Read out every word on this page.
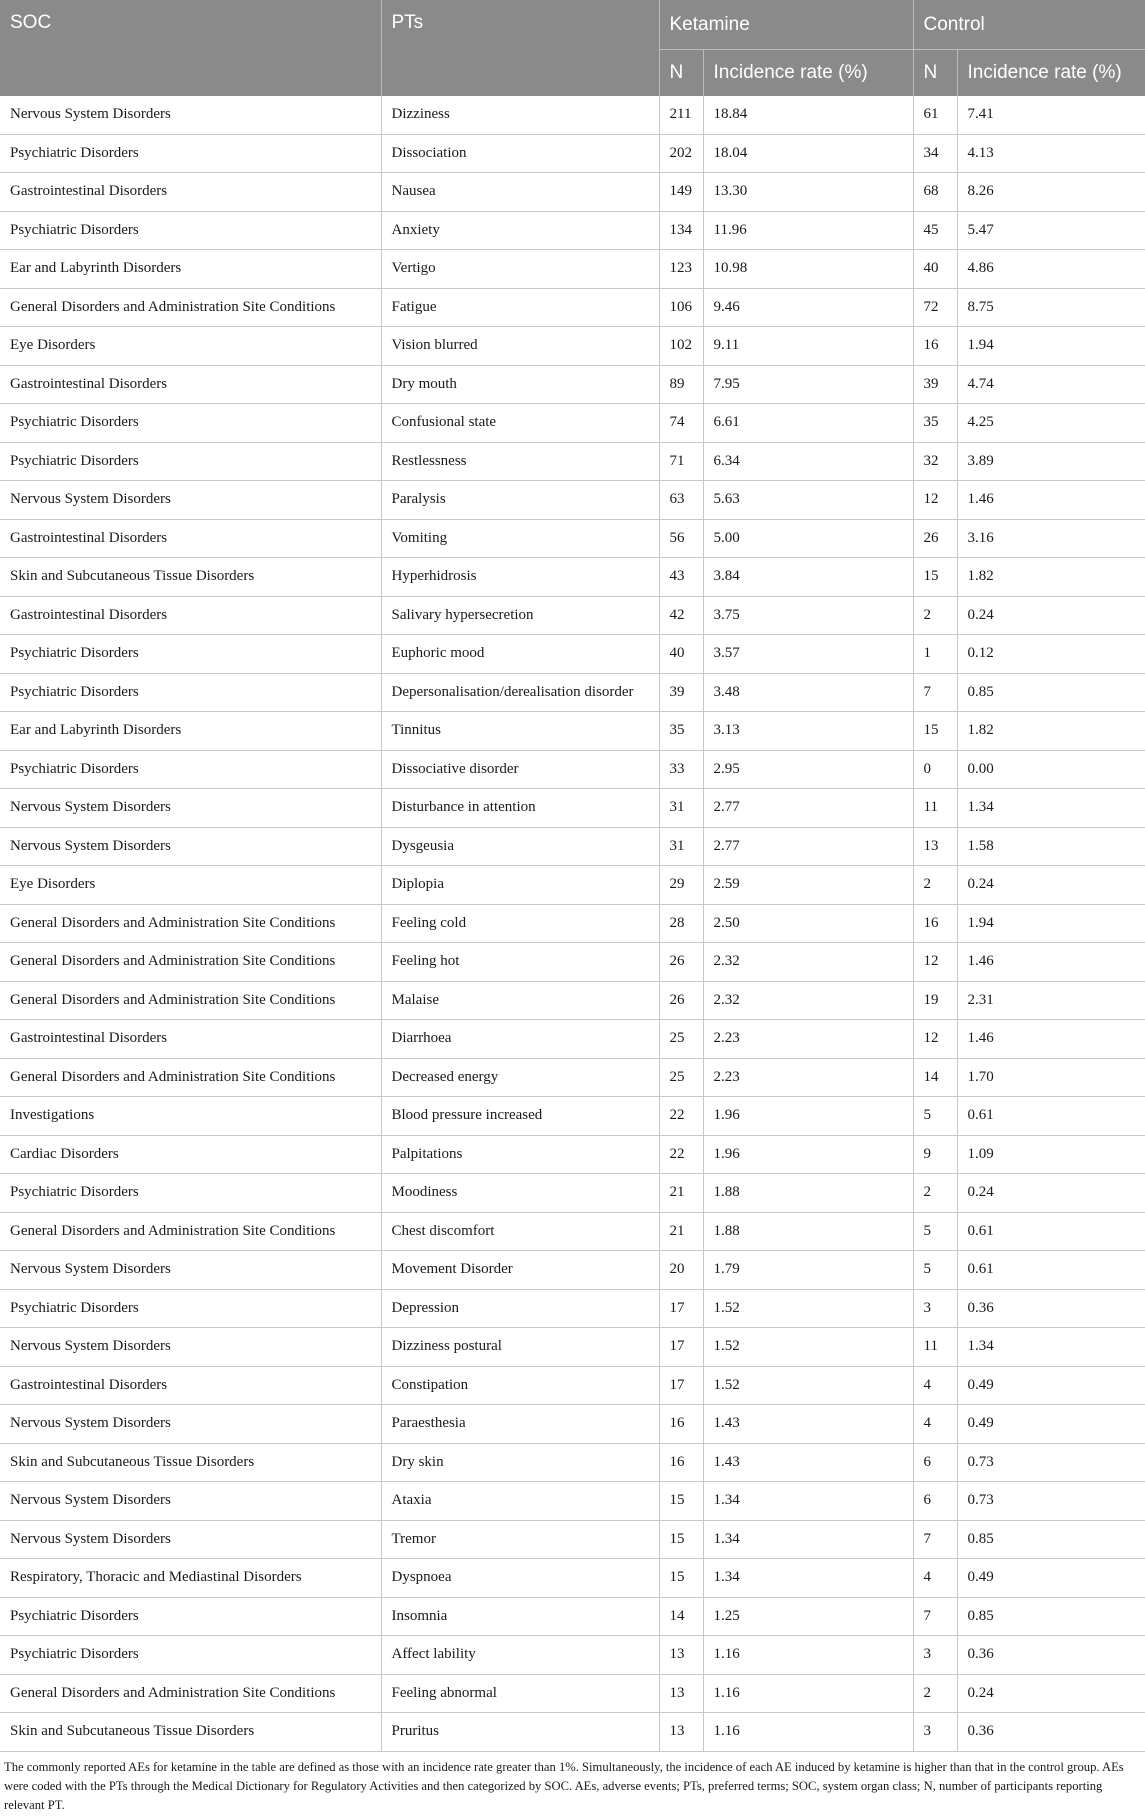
SOC	PTs	Ketamine		Control	
		N	Incidence rate (%)	N	Incidence rate (%)
Nervous System Disorders	Dizziness	211	18.84	61	7.41
Psychiatric Disorders	Dissociation	202	18.04	34	4.13
Gastrointestinal Disorders	Nausea	149	13.30	68	8.26
Psychiatric Disorders	Anxiety	134	11.96	45	5.47
Ear and Labyrinth Disorders	Vertigo	123	10.98	40	4.86
General Disorders and Administration Site Conditions	Fatigue	106	9.46	72	8.75
Eye Disorders	Vision blurred	102	9.11	16	1.94
Gastrointestinal Disorders	Dry mouth	89	7.95	39	4.74
Psychiatric Disorders	Confusional state	74	6.61	35	4.25
Psychiatric Disorders	Restlessness	71	6.34	32	3.89
Nervous System Disorders	Paralysis	63	5.63	12	1.46
Gastrointestinal Disorders	Vomiting	56	5.00	26	3.16
Skin and Subcutaneous Tissue Disorders	Hyperhidrosis	43	3.84	15	1.82
Gastrointestinal Disorders	Salivary hypersecretion	42	3.75	2	0.24
Psychiatric Disorders	Euphoric mood	40	3.57	1	0.12
Psychiatric Disorders	Depersonalisation/derealisation disorder	39	3.48	7	0.85
Ear and Labyrinth Disorders	Tinnitus	35	3.13	15	1.82
Psychiatric Disorders	Dissociative disorder	33	2.95	0	0.00
Nervous System Disorders	Disturbance in attention	31	2.77	11	1.34
Nervous System Disorders	Dysgeusia	31	2.77	13	1.58
Eye Disorders	Diplopia	29	2.59	2	0.24
General Disorders and Administration Site Conditions	Feeling cold	28	2.50	16	1.94
General Disorders and Administration Site Conditions	Feeling hot	26	2.32	12	1.46
General Disorders and Administration Site Conditions	Malaise	26	2.32	19	2.31
Gastrointestinal Disorders	Diarrhoea	25	2.23	12	1.46
General Disorders and Administration Site Conditions	Decreased energy	25	2.23	14	1.70
Investigations	Blood pressure increased	22	1.96	5	0.61
Cardiac Disorders	Palpitations	22	1.96	9	1.09
Psychiatric Disorders	Moodiness	21	1.88	2	0.24
General Disorders and Administration Site Conditions	Chest discomfort	21	1.88	5	0.61
Nervous System Disorders	Movement Disorder	20	1.79	5	0.61
Psychiatric Disorders	Depression	17	1.52	3	0.36
Nervous System Disorders	Dizziness postural	17	1.52	11	1.34
Gastrointestinal Disorders	Constipation	17	1.52	4	0.49
Nervous System Disorders	Paraesthesia	16	1.43	4	0.49
Skin and Subcutaneous Tissue Disorders	Dry skin	16	1.43	6	0.73
Nervous System Disorders	Ataxia	15	1.34	6	0.73
Nervous System Disorders	Tremor	15	1.34	7	0.85
Respiratory, Thoracic and Mediastinal Disorders	Dyspnoea	15	1.34	4	0.49
Psychiatric Disorders	Insomnia	14	1.25	7	0.85
Psychiatric Disorders	Affect lability	13	1.16	3	0.36
General Disorders and Administration Site Conditions	Feeling abnormal	13	1.16	2	0.24
Skin and Subcutaneous Tissue Disorders	Pruritus	13	1.16	3	0.36

The commonly reported AEs for ketamine in the table are defined as those with an incidence rate greater than 1%. Simultaneously, the incidence of each AE induced by ketamine is higher than that in the control group. AEs were coded with the PTs through the Medical Dictionary for Regulatory Activities and then categorized by SOC. AEs, adverse events; PTs, preferred terms; SOC, system organ class; N, number of participants reporting relevant PT.
